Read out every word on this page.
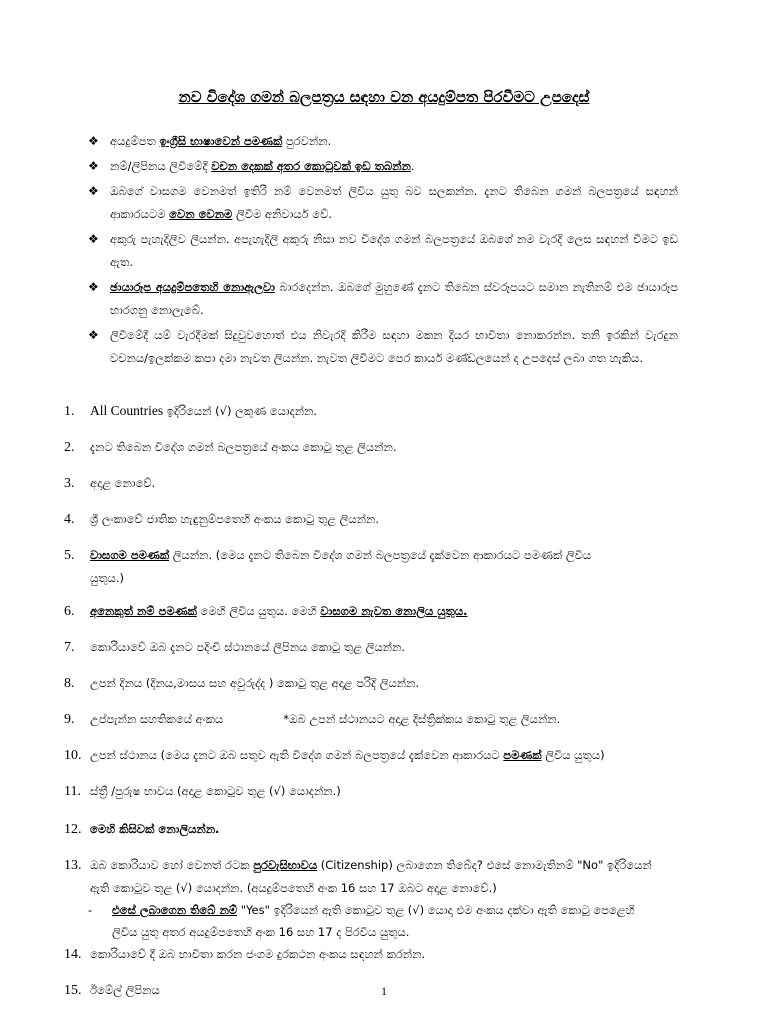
නව විදේශ ගමන් බලපත්‍රය සඳහා වන අයදුම්පත පිරවීමට උපදෙස්
❖ අයදුම්පත ඉංග්‍රීසි භාෂාවෙන් පමණක් පුරවන්න.
❖ නම්/ලිපිනය ලිවීමේදී වචන දෙකක් අතර කොටුවක් ඉඩ තබන්න.
❖ ඔබගේ වාසගම වෙනමත් ඉතිරි නම් වෙනමත් ලිවිය යුතු බව සලකන්න. දැනට තිබෙන ගමන් බලපත්‍රයේ සඳහන් ආකාරයටම වෙන වෙනම ලිවීම අනිවාර්ය වේ.
❖ අකුරු පැහැදිලිව ලියන්න. අපැහැදිලි අකුරු නිසා නව විදේශ ගමන් බලපත්‍රයේ ඔබගේ නම වැරදි ලෙස සඳහන් වීමට ඉඩ ඇත.
❖ ඡායාරූප අයදුම්පතෙහි නොඇලවා බාරදෙන්න. ඔබගේ මුහුණේ දැනට තිබෙන ස්වරූපයට සමාන නැතිනම් එම ඡායාරූප භාරගනු නොලැබේ.
❖ ලිවීමේදී යම් වැරදීමක් සිදුවුවහොත් එය නිවැරදි කිරීම සඳහා මකන දියර භාවිතා නොකරන්න. තනි ඉරකින් වැරදුන වචනය/ඉලක්කම කපා දමා නැවත ලියන්න. නැවත ලිවීමට පෙර කාර්ය මණ්ඩලයෙන් ද උපදෙස් ලබා ගත හැකිය.
1. All Countries ඉදිරියෙන් (√) ලකුණ යොදන්න.
2. දැනට තිබෙන විදේශ ගමන් බලපත්‍රයේ අංකය කොටු තුළ ලියන්න.
3. අදාළ නොවේ.
4. ශ්‍රී ලංකාවේ ජාතික හැඳුනුම්පතෙහි අංකය කොටු තුළ ලියන්න.
5. වාසගම පමණක් ලියන්න. (මෙය දැනට තිබෙන විදේශ ගමන් බලපත්‍රයේ දැක්වෙන ආකාරයට පමණක් ලිවිය
යුතුය.)
6. අනෙකුත් නම් පමණක් මෙහි ලිවිය යුතුය. මෙහි වාසගම නැවත නොලිය යුතුය.
7. කොරියාවේ ඔබ දැනට පදිංචි ස්ථානයේ ලිපිනය කොටු තුළ ලියන්න.
8. උපන් දිනය (දිනය,මාසය සහ අවුරුද්ද ) කොටු තුළ අදාළ පරිදි ලියන්න.
9. උප්පැන්න සහතිකයේ අංකය	*ඔබ උපන් ස්ථානයට අදාළ දිස්ත්‍රික්කය කොටු තුළ ලියන්න.
10. උපන් ස්ථානය (මෙය දැනට ඔබ සතුව ඇති විදේශ ගමන් බලපත්‍රයේ දැක්වෙන ආකාරයට පමණක් ලිවිය යුතුය)
11. ස්ත්‍රී /පුරුෂ භාවය (අදාළ කොටුව තුළ (√) යොදන්න.)
12. මෙහි කිසිවක් නොලියන්න.
13. ඔබ කොරියාව හෝ වෙනත් රටක පුරවැසිභාවය (Citizenship) ලබාගෙන තිබේද? එසේ නොමැතිනම් "No" ඉදිරියෙන්
ඇති කොටුව තුළ (√) යොදන්න. (අයදුම්පතෙහි අංක 16 සහ 17 ඔබට අදාළ නොවේ.)
- එසේ ලබාගෙන තිබේ නම් "Yes" ඉදිරියෙන් ඇති කොටුව තුළ (√) යොදා එම අංකය දක්වා ඇති කොටු පෙළෙහි
ලිවිය යුතු අතර අයදුම්පතෙහි අංක 16 සහ 17 ද පිරවිය යුතුය.
14. කොරියාවේ දී ඔබ භාවිතා කරන ජංගම දුරකථන අංකය සඳහන් කරන්න.
15. ඊමේල් ලිපිනය	1
